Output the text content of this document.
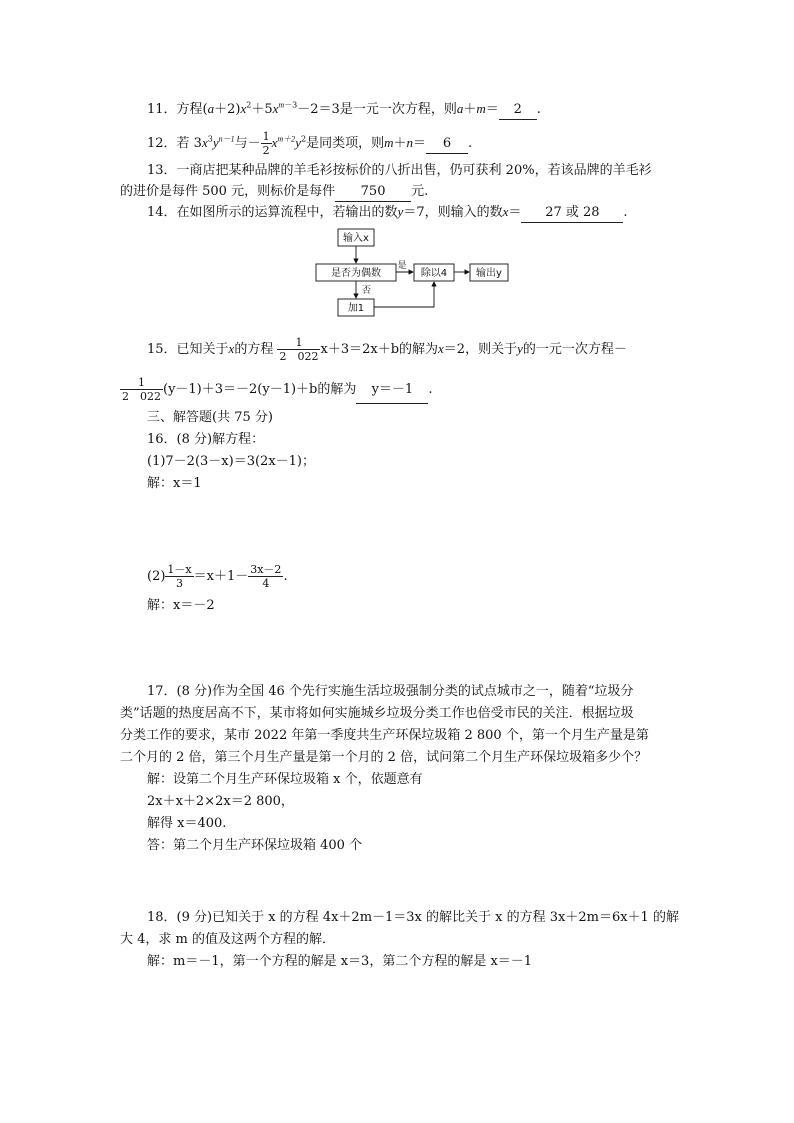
11．方程$(a+2)x^2+5x^{m-3}-2=3$是一元一次方程，则a＋m＝ 2 .
12．若 $3x^3y^{n-1}$与－ $\frac{1}{2} x^{m+2}y^2$是同类项，则m＋n＝ 6 .
13．一商店把某种品牌的羊毛衫按标价的八折出售，仍可获利 20%，若该品牌的羊毛衫
的进价是每件 500 元，则标价是每件 750 元.
14．在如图所示的运算流程中，若输出的数y＝7，则输入的数x＝ 27 或 28 .
输入x
是否为偶数
是
除以4	输出y
否
加1
15．已知关于x的方程 $\frac{1}{2 022} x+3=2x+b$的解为x＝2，则关于y的一元一次方程－
$\frac{1}{2 022} (y-1)+3=-2(y-1)+b$的解为 y＝－1 .
三、解答题(共 75 分)
16．(8 分)解方程：
(1)7－2(3－x)＝3(2x－1)；
解：x＝1
$(2) \frac{1-x}{3} =x+1- \frac{3x-2}{4}$ .
解：x＝－2
17．(8 分)作为全国 46 个先行实施生活垃圾强制分类的试点城市之一，随着“垃圾分
类”话题的热度居高不下，某市将如何实施城乡垃圾分类工作也倍受市民的关注．根据垃圾
分类工作的要求，某市 2022 年第一季度共生产环保垃圾箱 2 800 个，第一个月生产量是第
二个月的 2 倍，第三个月生产量是第一个月的 2 倍，试问第二个月生产环保垃圾箱多少个？
解：设第二个月生产环保垃圾箱 x 个，依题意有
2x＋x＋2×2x＝2 800，
解得 x＝400.
答：第二个月生产环保垃圾箱 400 个
18．(9 分)已知关于 x 的方程 4x＋2m－1＝3x 的解比关于 x 的方程 3x＋2m＝6x＋1 的解
大 4，求 m 的值及这两个方程的解．
解：m＝－1，第一个方程的解是 x＝3，第二个方程的解是 x＝－1
